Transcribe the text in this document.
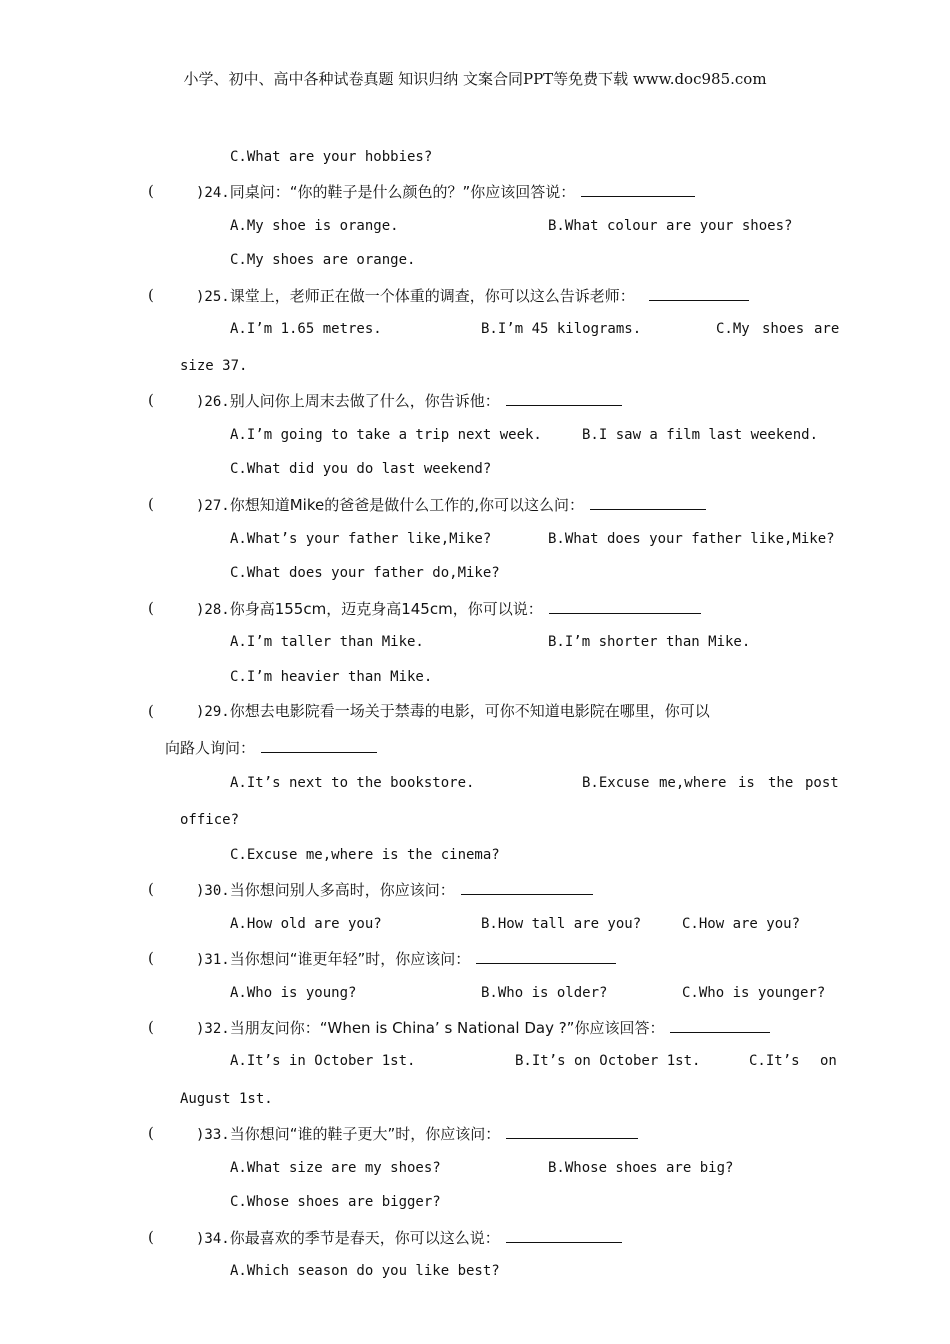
小学、初中、高中各种试卷真题 知识归纳 文案合同PPT等免费下载 www.doc985.com
C.What are your hobbies?
(	)24.同桌问：“你的鞋子是什么颜色的？”你应该回答说：
A.My shoe is orange.	B.What colour are your shoes?
C.My shoes are orange.
(	)25.课堂上，老师正在做一个体重的调查，你可以这么告诉老师：
A.I’m 1.65 metres.	B.I’m 45 kilograms.	C.My shoes are
size 37.
(	)26.别人问你上周末去做了什么，你告诉他：
A.I’m going to take a trip next week.	B.I saw a film last weekend.
C.What did you do last weekend?
(	)27.你想知道Mike的爸爸是做什么工作的,你可以这么问：
A.What’s your father like,Mike?	B.What does your father like,Mike?
C.What does your father do,Mike?
(	)28.你身高155cm，迈克身高145cm，你可以说：
A.I’m taller than Mike.	B.I’m shorter than Mike.
C.I’m heavier than Mike.
(	)29.你想去电影院看一场关于禁毒的电影，可你不知道电影院在哪里，你可以
向路人询问：
A.It’s next to the bookstore.	B.Excuse me,where is the post
office?
C.Excuse me,where is the cinema?
(	)30.当你想问别人多高时，你应该问：
A.How old are you?	B.How tall are you?	C.How are you?
(	)31.当你想问“谁更年轻”时，你应该问：
A.Who is young?	B.Who is older?	C.Who is younger?
(	)32.当朋友问你：“When is China’ s National Day ?”你应该回答：
A.It’s in October 1st.	B.It’s on October 1st.	C.It’s on
August 1st.
(	)33.当你想问“谁的鞋子更大”时，你应该问：
A.What size are my shoes?	B.Whose shoes are big?
C.Whose shoes are bigger?
(	)34.你最喜欢的季节是春天，你可以这么说：
A.Which season do you like best?
